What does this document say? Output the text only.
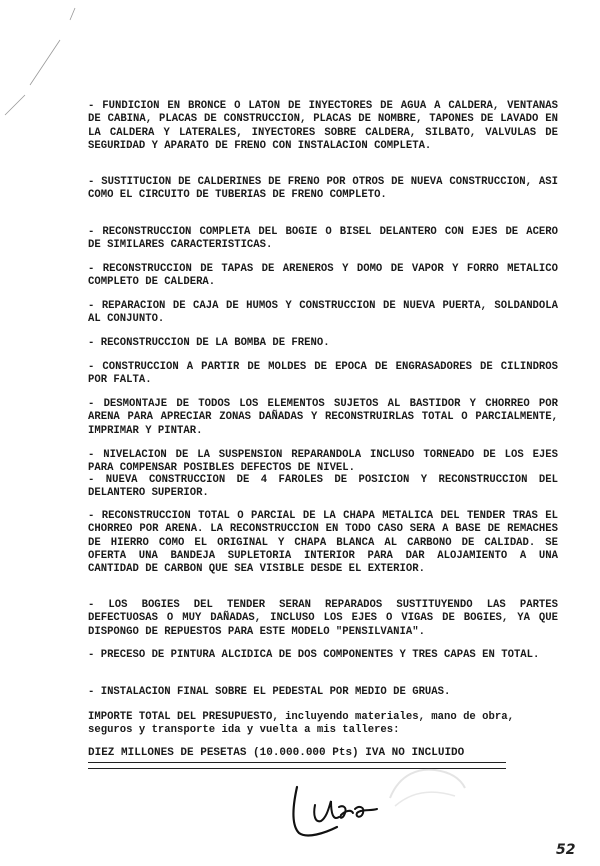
- FUNDICION EN BRONCE O LATON DE INYECTORES DE AGUA A CALDERA, VENTANAS DE CABINA, PLACAS DE CONSTRUCCION, PLACAS DE NOMBRE, TAPONES DE LAVADO EN LA CALDERA Y LATERALES, INYECTORES SOBRE CALDERA, SILBATO, VALVULAS DE SEGURIDAD Y APARATO DE FRENO CON INSTALACION COMPLETA.
- SUSTITUCION DE CALDERINES DE FRENO POR OTROS DE NUEVA CONSTRUCCION, ASI COMO EL CIRCUITO DE TUBERIAS DE FRENO COMPLETO.
- RECONSTRUCCION COMPLETA DEL BOGIE O BISEL DELANTERO CON EJES DE ACERO DE SIMILARES CARACTERISTICAS.
- RECONSTRUCCION DE TAPAS DE ARENEROS Y DOMO DE VAPOR Y FORRO METALICO COMPLETO DE CALDERA.
- REPARACION DE CAJA DE HUMOS Y CONSTRUCCION DE NUEVA PUERTA, SOLDANDOLA AL CONJUNTO.
- RECONSTRUCCION DE LA BOMBA DE FRENO.
- CONSTRUCCION A PARTIR DE MOLDES DE EPOCA DE ENGRASADORES DE CILINDROS POR FALTA.
- DESMONTAJE DE TODOS LOS ELEMENTOS SUJETOS AL BASTIDOR Y CHORREO POR ARENA PARA APRECIAR ZONAS DAÑADAS Y RECONSTRUIRLAS TOTAL O PARCIALMENTE, IMPRIMAR Y PINTAR.
- NIVELACION DE LA SUSPENSION REPARANDOLA INCLUSO TORNEADO DE LOS EJES PARA COMPENSAR POSIBLES DEFECTOS DE NIVEL.
- NUEVA CONSTRUCCION DE 4 FAROLES DE POSICION Y RECONSTRUCCION DEL DELANTERO SUPERIOR.
- RECONSTRUCCION TOTAL O PARCIAL DE LA CHAPA METALICA DEL TENDER TRAS EL CHORREO POR ARENA. LA RECONSTRUCCION EN TODO CASO SERA A BASE DE REMACHES DE HIERRO COMO EL ORIGINAL Y CHAPA BLANCA AL CARBONO DE CALIDAD. SE OFERTA UNA BANDEJA SUPLETORIA INTERIOR PARA DAR ALOJAMIENTO A UNA CANTIDAD DE CARBON QUE SEA VISIBLE DESDE EL EXTERIOR.
- LOS BOGIES DEL TENDER SERAN REPARADOS SUSTITUYENDO LAS PARTES DEFECTUOSAS O MUY DAÑADAS, INCLUSO LOS EJES O VIGAS DE BOGIES, YA QUE DISPONGO DE REPUESTOS PARA ESTE MODELO "PENSILVANIA".
- PRECESO DE PINTURA ALCIDICA DE DOS COMPONENTES Y TRES CAPAS EN TOTAL.
- INSTALACION FINAL SOBRE EL PEDESTAL POR MEDIO DE GRUAS.
IMPORTE TOTAL DEL PRESUPUESTO, incluyendo materiales, mano de obra, seguros y transporte ida y vuelta a mis talleres:
DIEZ MILLONES DE PESETAS (10.000.000 Pts) IVA NO INCLUIDO
52
